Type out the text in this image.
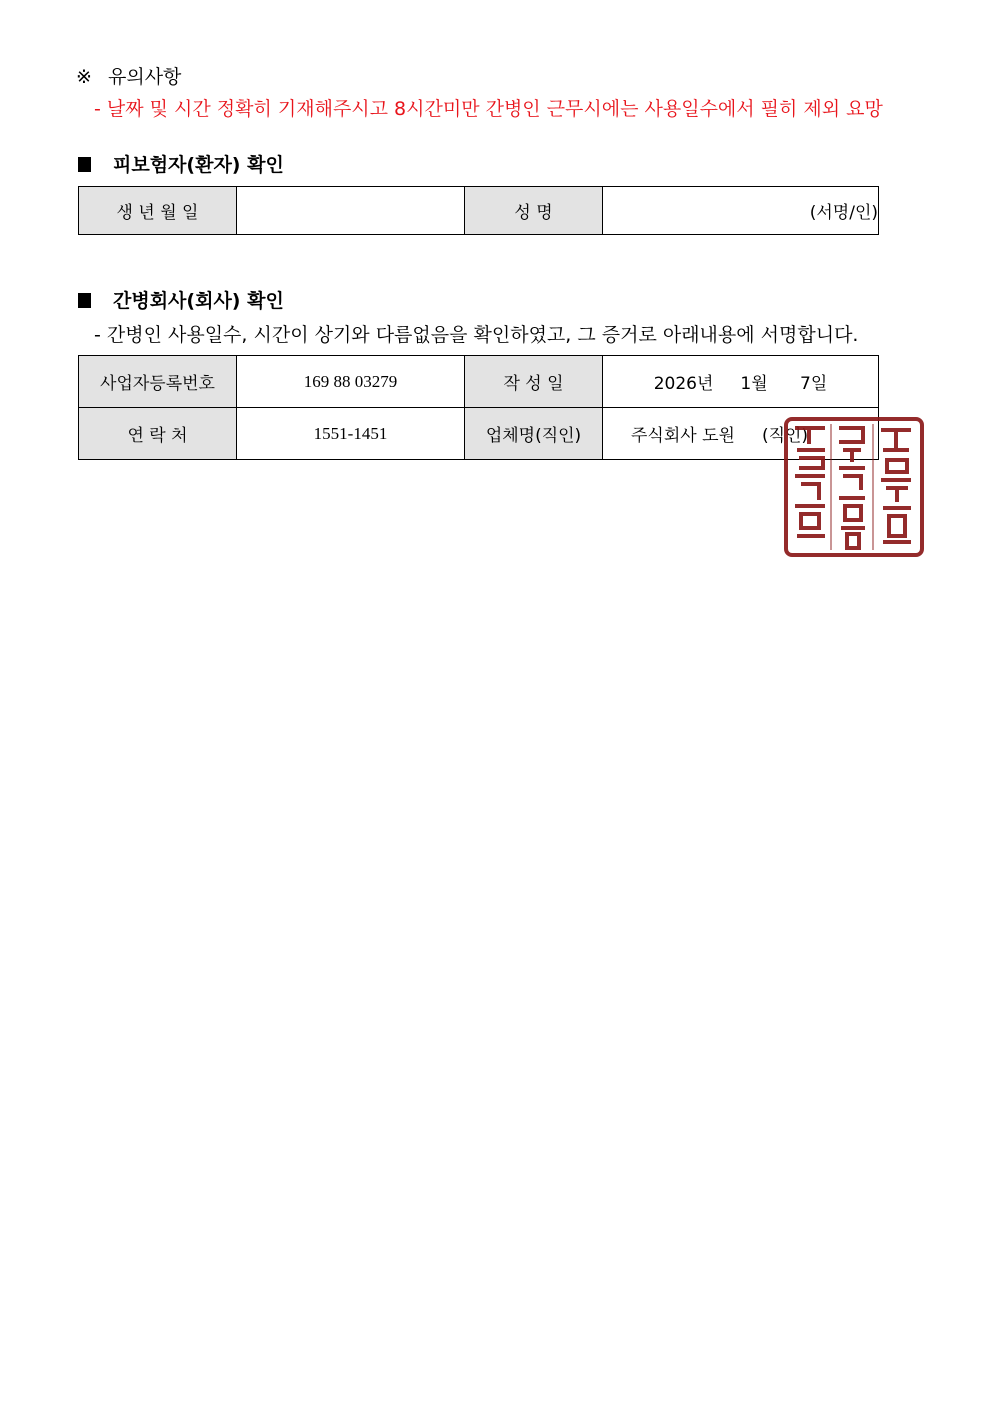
※ 유의사항
- 날짜 및 시간 정확히 기재해주시고 8시간미만 간병인 근무시에는 사용일수에서 필히 제외 요망
피보험자(환자) 확인
생 년 월 일		성 명	(서명/인)
간병회사(회사) 확인
- 간병인 사용일수, 시간이 상기와 다름없음을 확인하였고, 그 증거로 아래내용에 서명합니다.
사업자등록번호	169 88 03279	작 성 일	2026년     1월      7일
연 락 처	1551-1451	업체명(직인)	주식회사 도원     (직인)
